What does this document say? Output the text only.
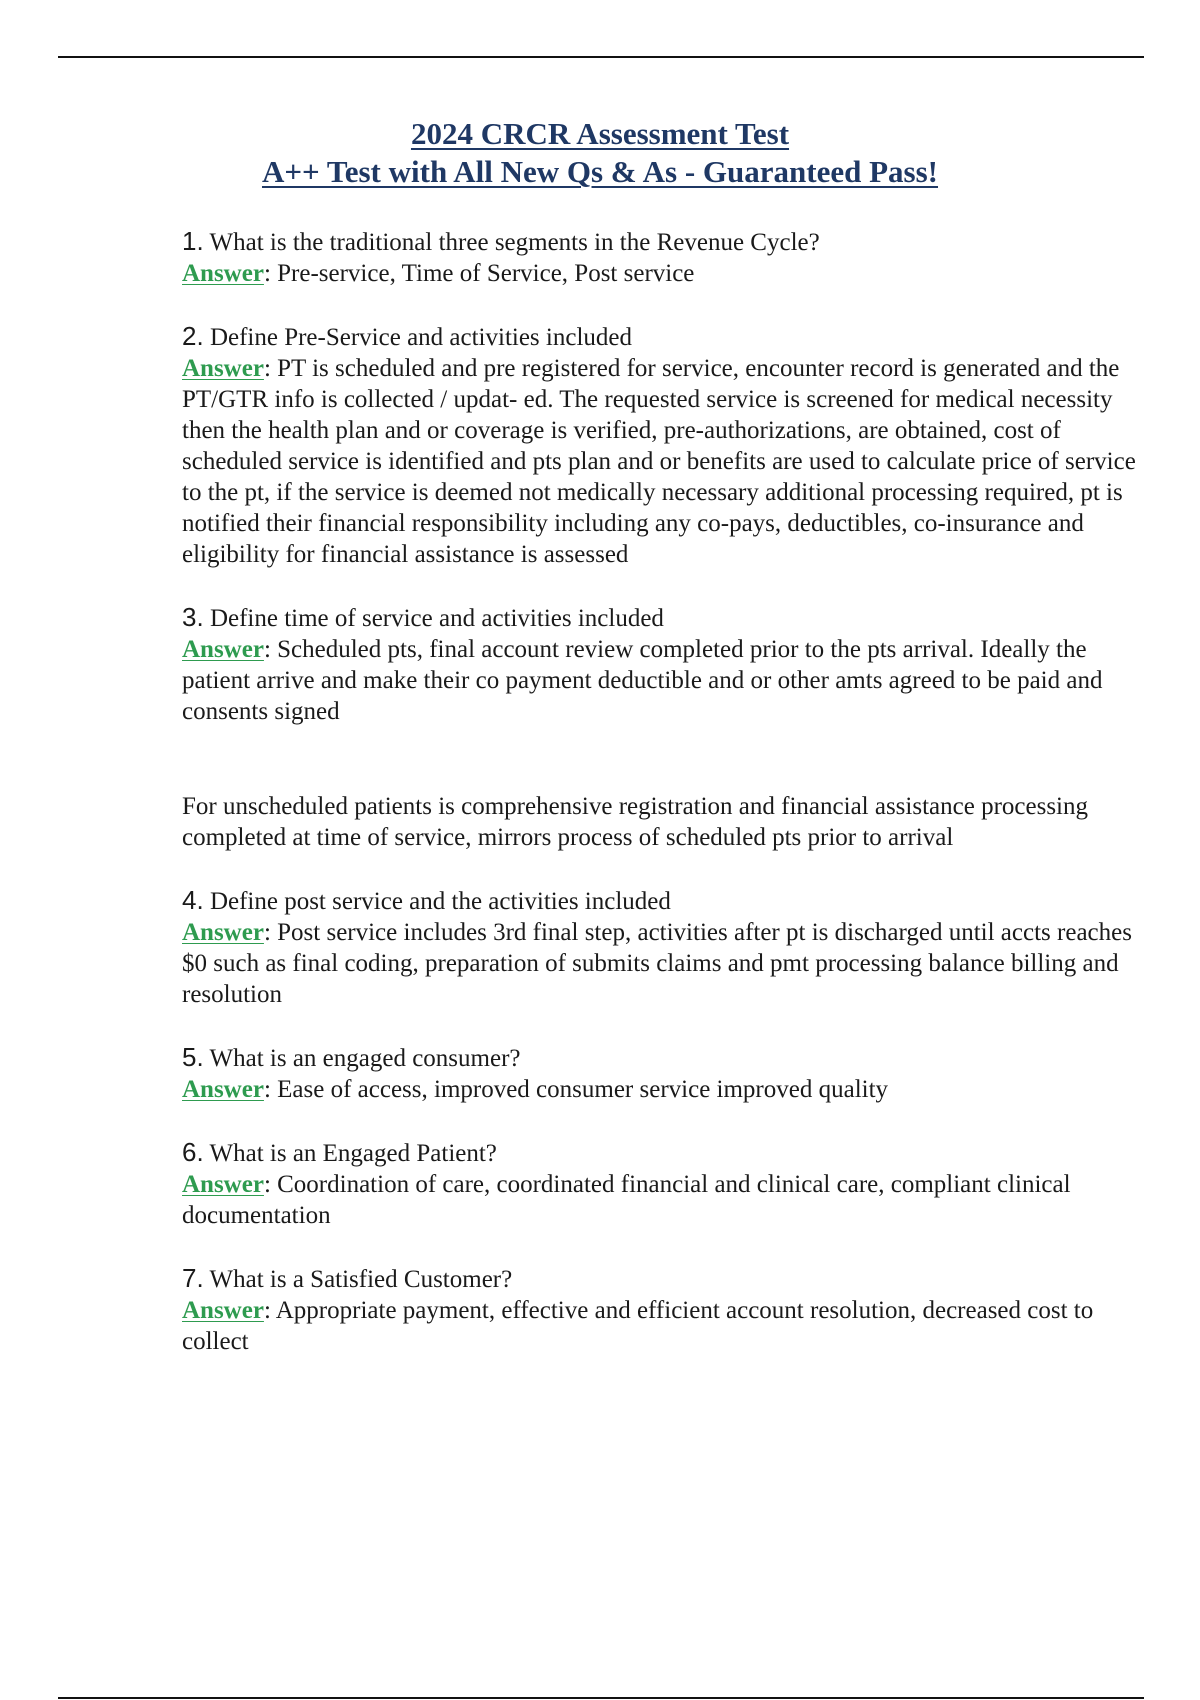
2024 CRCR Assessment Test
A++ Test with All New Qs & As - Guaranteed Pass!
1. What is the traditional three segments in the Revenue Cycle?
Answer: Pre-service, Time of Service, Post service
2. Define Pre-Service and activities included
Answer: PT is scheduled and pre registered for service, encounter record is generated and the PT/GTR info is collected / updat- ed. The requested service is screened for medical necessity then the health plan and or coverage is verified, pre-authorizations, are obtained, cost of scheduled service is identified and pts plan and or benefits are used to calculate price of service to the pt, if the service is deemed not medically necessary additional processing required, pt is notified their financial responsibility including any co-pays, deductibles, co-insurance and eligibility for financial assistance is assessed
3. Define time of service and activities included
Answer: Scheduled pts, final account review completed prior to the pts arrival. Ideally the patient arrive and make their co payment deductible and or other amts agreed to be paid and consents signed
For unscheduled patients is comprehensive registration and financial assistance processing completed at time of service, mirrors process of scheduled pts prior to arrival
4. Define post service and the activities included
Answer: Post service includes 3rd final step, activities after pt is discharged until accts reaches $0 such as final coding, preparation of submits claims and pmt processing balance billing and resolution
5. What is an engaged consumer?
Answer: Ease of access, improved consumer service improved quality
6. What is an Engaged Patient?
Answer: Coordination of care, coordinated financial and clinical care, compliant clinical documentation
7. What is a Satisfied Customer?
Answer: Appropriate payment, effective and efficient account resolution, decreased cost to collect
